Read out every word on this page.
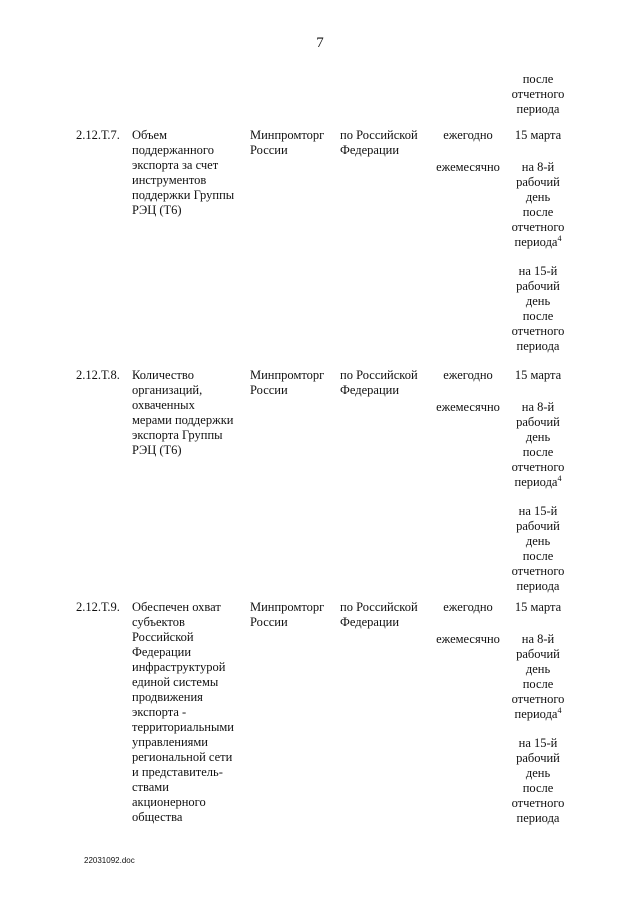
7
после
отчетного
периода
2.12.Т.7. Объем
поддержанного
экспорта за счет
инструментов
поддержки Группы
РЭЦ (Т6)
Минпромторг
России
по Российской
Федерации
ежегодно
ежемесячно
15 марта
на 8-й
рабочий
день
после
отчетного
периода$^4$
на 15-й
рабочий
день
после
отчетного
периода
2.12.Т.8. Количество
организаций,
охваченных
мерами поддержки
экспорта Группы
РЭЦ (Т6)
Минпромторг
России
по Российской
Федерации
ежегодно
ежемесячно
15 марта
на 8-й
рабочий
день
после
отчетного
периода$^4$
на 15-й
рабочий
день
после
отчетного
периода
2.12.Т.9. Обеспечен охват
субъектов
Российской
Федерации
инфраструктурой
единой системы
продвижения
экспорта -
территориальными
управлениями
региональной сети
и представитель-
ствами
акционерного
общества
Минпромторг
России
по Российской
Федерации
ежегодно
ежемесячно
15 марта
на 8-й
рабочий
день
после
отчетного
периода$^4$
на 15-й
рабочий
день
после
отчетного
периода
22031092.doc
